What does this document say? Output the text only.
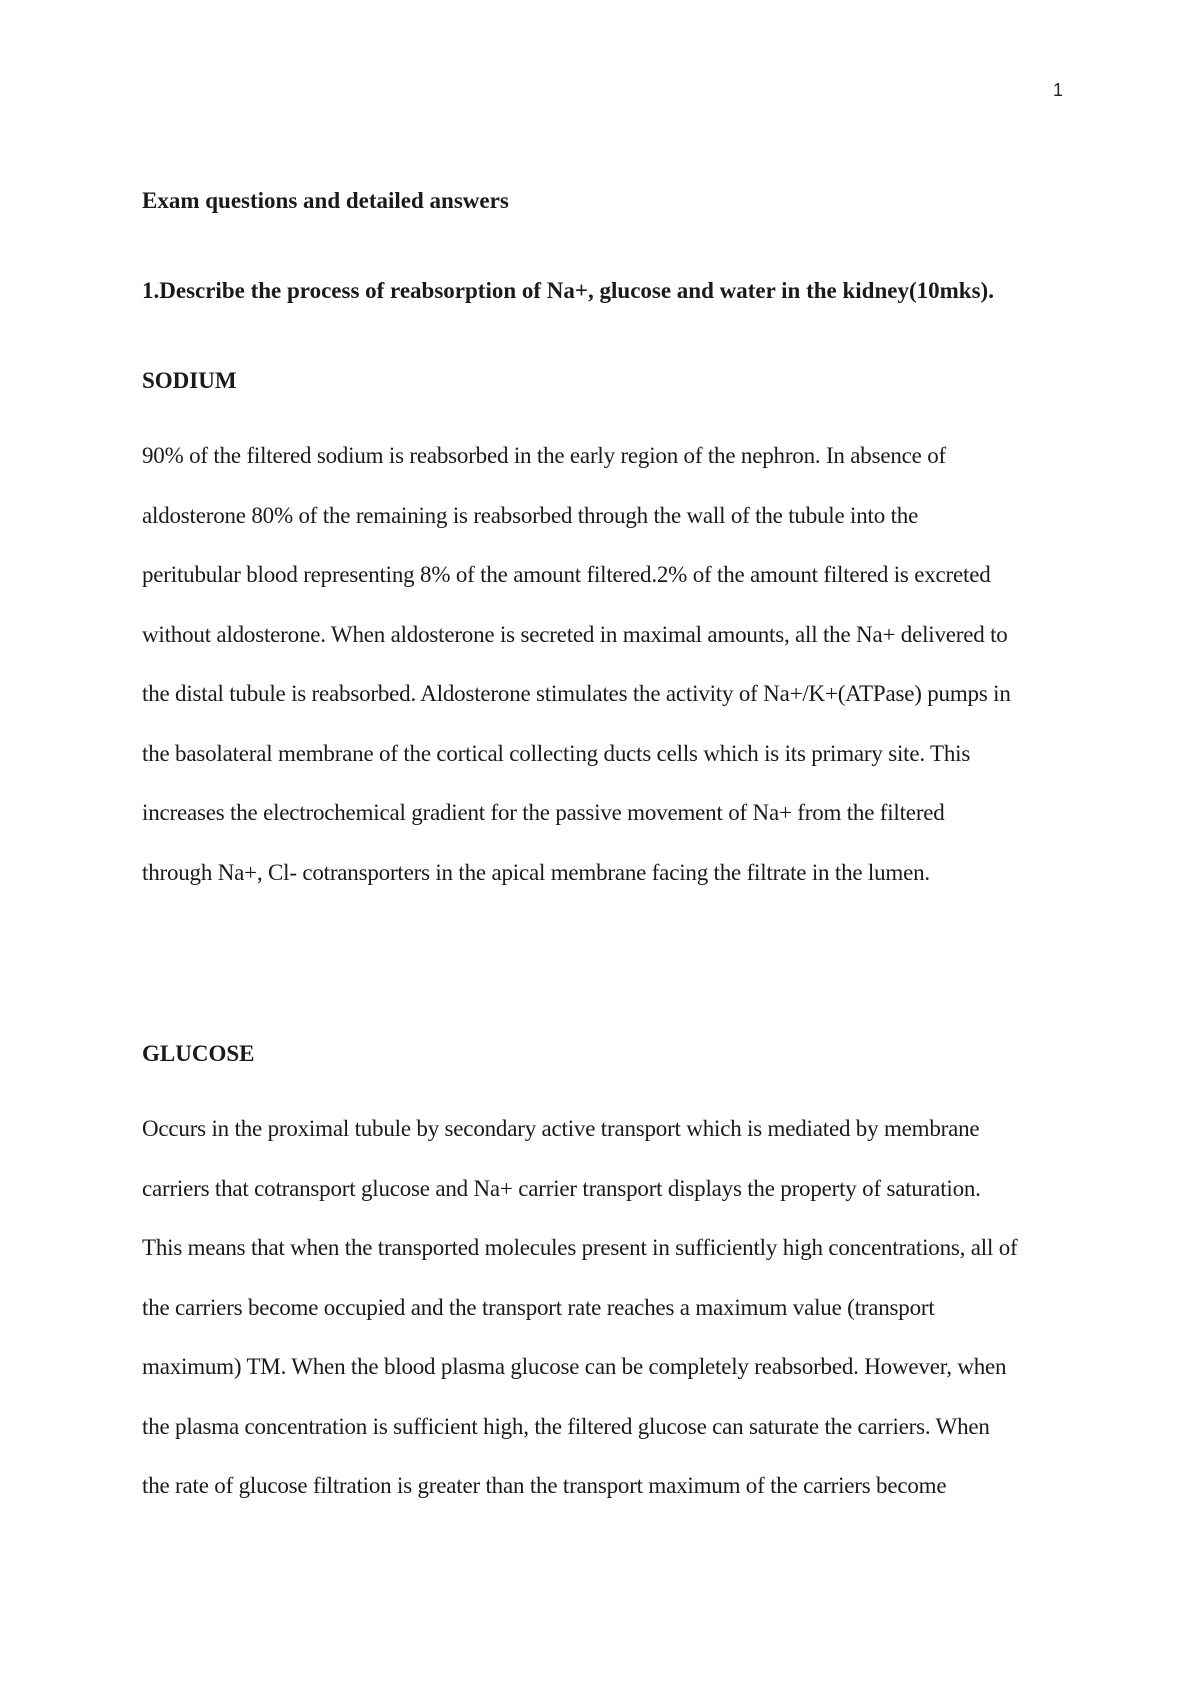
1

Exam questions and detailed answers

1.Describe the process of reabsorption of Na+, glucose and water in the kidney(10mks).

SODIUM

90% of the filtered sodium is reabsorbed in the early region of the nephron. In absence of
aldosterone 80% of the remaining is reabsorbed through the wall of the tubule into the
peritubular blood representing 8% of the amount filtered.2% of the amount filtered is excreted
without aldosterone. When aldosterone is secreted in maximal amounts, all the Na+ delivered to
the distal tubule is reabsorbed. Aldosterone stimulates the activity of Na+/K+(ATPase) pumps in
the basolateral membrane of the cortical collecting ducts cells which is its primary site. This
increases the electrochemical gradient for the passive movement of Na+ from the filtered
through Na+, Cl- cotransporters in the apical membrane facing the filtrate in the lumen.

GLUCOSE

Occurs in the proximal tubule by secondary active transport which is mediated by membrane
carriers that cotransport glucose and Na+ carrier transport displays the property of saturation.
This means that when the transported molecules present in sufficiently high concentrations, all of
the carriers become occupied and the transport rate reaches a maximum value (transport
maximum) TM. When the blood plasma glucose can be completely reabsorbed. However, when
the plasma concentration is sufficient high, the filtered glucose can saturate the carriers. When
the rate of glucose filtration is greater than the transport maximum of the carriers become
